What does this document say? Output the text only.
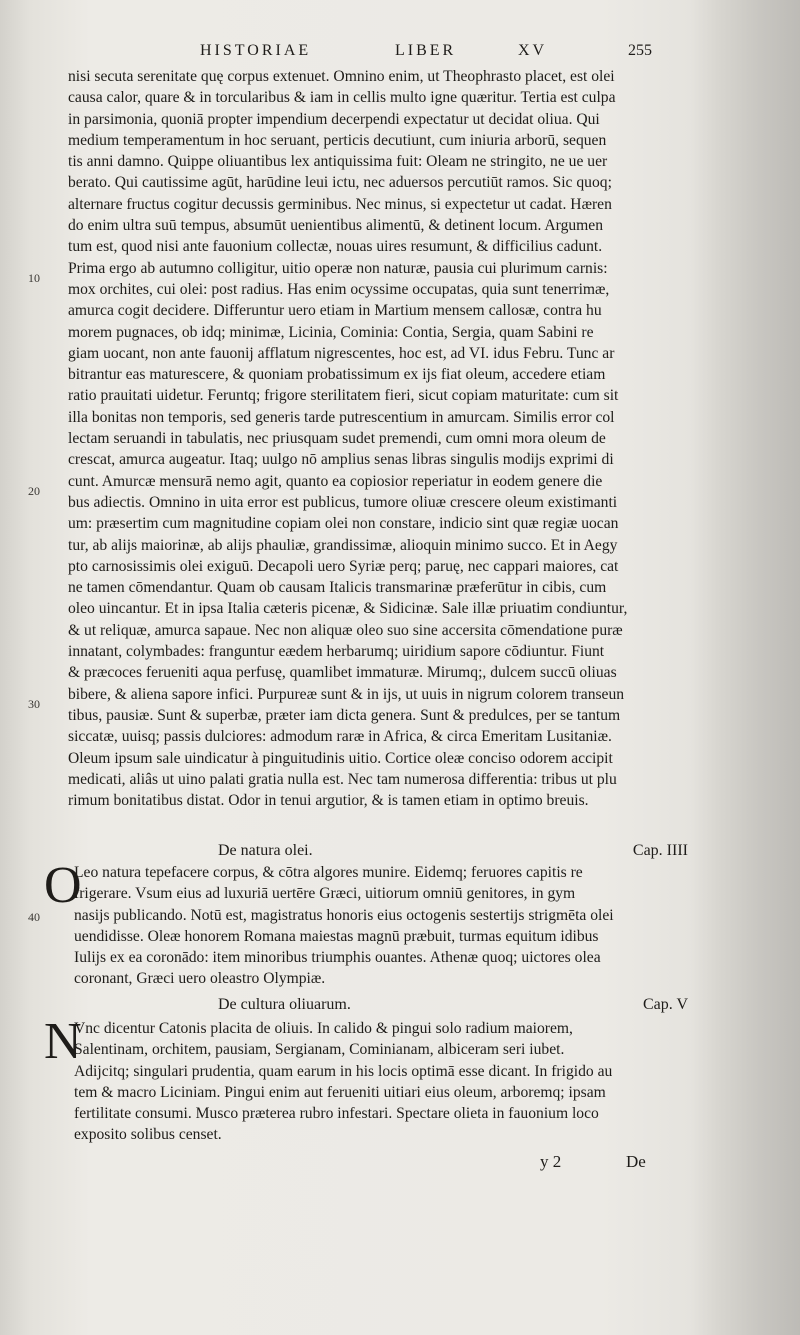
HISTORIAE	LIBER	XV	255
10
20
30
40
nisi secuta serenitate quę corpus extenuet. Omnino enim, ut Theophrasto placet, est olei
causa calor, quare & in torcularibus & iam in cellis multo igne quæritur. Tertia est culpa
in parsimonia, quoniā propter impendium decerpendi expectatur ut decidat oliua. Qui
medium temperamentum in hoc seruant, perticis decutiunt, cum iniuria arborū, sequen
tis anni damno. Quippe oliuantibus lex antiquissima fuit: Oleam ne stringito, ne ue uer
berato. Qui cautissime agūt, harūdine leui ictu, nec aduersos percutiūt ramos. Sic quoq;
alternare fructus cogitur decussis germinibus. Nec minus, si expectetur ut cadat. Hæren
do enim ultra suū tempus, absumūt uenientibus alimentū, & detinent locum. Argumen
tum est, quod nisi ante fauonium collectæ, nouas uires resumunt, & difficilius cadunt.
Prima ergo ab autumno colligitur, uitio operæ non naturæ, pausia cui plurimum carnis:
mox orchites, cui olei: post radius. Has enim ocyssime occupatas, quia sunt tenerrimæ,
amurca cogit decidere. Differuntur uero etiam in Martium mensem callosæ, contra hu
morem pugnaces, ob idq; minimæ, Licinia, Cominia: Contia, Sergia, quam Sabini re
giam uocant, non ante fauonij afflatum nigrescentes, hoc est, ad VI. idus Febru. Tunc ar
bitrantur eas maturescere, & quoniam probatissimum ex ijs fiat oleum, accedere etiam
ratio prauitati uidetur. Feruntq; frigore sterilitatem fieri, sicut copiam maturitate: cum sit
illa bonitas non temporis, sed generis tarde putrescentium in amurcam. Similis error col
lectam seruandi in tabulatis, nec priusquam sudet premendi, cum omni mora oleum de
crescat, amurca augeatur. Itaq; uulgo nō amplius senas libras singulis modijs exprimi di
cunt. Amurcæ mensurā nemo agit, quanto ea copiosior reperiatur in eodem genere die
bus adiectis. Omnino in uita error est publicus, tumore oliuæ crescere oleum existimanti
um: præsertim cum magnitudine copiam olei non constare, indicio sint quæ regiæ uocan
tur, ab alijs maiorinæ, ab alijs phauliæ, grandissimæ, alioquin minimo succo. Et in Aegy
pto carnosissimis olei exiguū. Decapoli uero Syriæ perq; paruę, nec cappari maiores, cat
ne tamen cōmendantur. Quam ob causam Italicis transmarinæ præferūtur in cibis, cum
oleo uincantur. Et in ipsa Italia cæteris picenæ, & Sidicinæ. Sale illæ priuatim condiuntur,
& ut reliquæ, amurca sapaue. Nec non aliquæ oleo suo sine accersita cōmendatione puræ
innatant, colymbades: franguntur eædem herbarumq; uiridium sapore cōdiuntur. Fiunt
& præcoces ferueniti aqua perfusę, quamlibet immaturæ. Mirumq;, dulcem succū oliuas
bibere, & aliena sapore infici. Purpureæ sunt & in ijs, ut uuis in nigrum colorem transeun
tibus, pausiæ. Sunt & superbæ, præter iam dicta genera. Sunt & predulces, per se tantum
siccatæ, uuisq; passis dulciores: admodum raræ in Africa, & circa Emeritam Lusitaniæ.
Oleum ipsum sale uindicatur à pinguitudinis uitio. Cortice oleæ conciso odorem accipit
medicati, aliâs ut uino palati gratia nulla est. Nec tam numerosa differentia: tribus ut plu
rimum bonitatibus distat. Odor in tenui argutior, & is tamen etiam in optimo breuis.
De natura olei.	Cap. IIII
O
Leo natura tepefacere corpus, & cōtra algores munire. Eidemq; feruores capitis re
frigerare. Vsum eius ad luxuriā uertēre Græci, uitiorum omniū genitores, in gym
nasijs publicando. Notū est, magistratus honoris eius octogenis sestertijs strigmēta olei
uendidisse. Oleæ honorem Romana maiestas magnū præbuit, turmas equitum idibus
Iulijs ex ea coronādo: item minoribus triumphis ouantes. Athenæ quoq; uictores olea
coronant, Græci uero oleastro Olympiæ.
De cultura oliuarum.	Cap. V
N
Vnc dicentur Catonis placita de oliuis. In calido & pingui solo radium maiorem,
Salentinam, orchitem, pausiam, Sergianam, Cominianam, albiceram seri iubet.
Adijcitq; singulari prudentia, quam earum in his locis optimā esse dicant. In frigido au
tem & macro Liciniam. Pingui enim aut ferueniti uitiari eius oleum, arboremq; ipsam
fertilitate consumi. Musco præterea rubro infestari. Spectare olieta in fauonium loco
exposito solibus censet.
y 2	De
